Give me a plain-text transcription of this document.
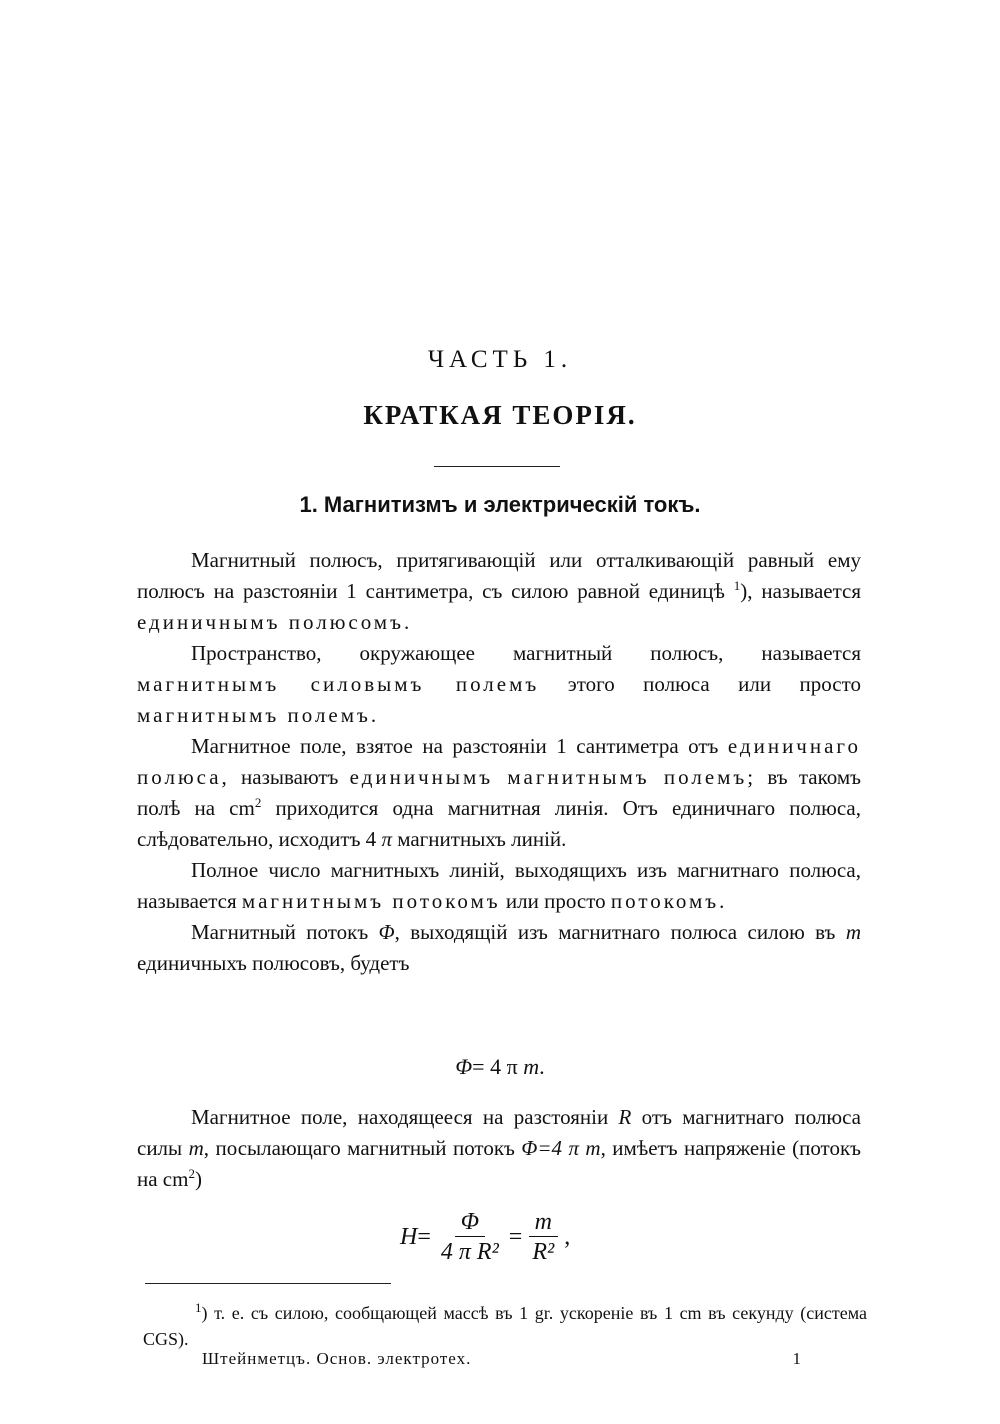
ЧАСТЬ 1.
КРАТКАЯ ТЕОРІЯ.
1. Магнитизмъ и электрическій токъ.

Магнитный полюсъ, притягивающій или отталкивающій равный ему полюсъ на разстояніи 1 сантиметра, съ силою равной единицѣ $^1$), называется единичнымъ полюсомъ.

Пространство, окружающее магнитный полюсъ, называется магнитнымъ силовымъ полемъ этого полюса или просто магнитнымъ полемъ.

Магнитное поле, взятое на разстояніи 1 сантиметра отъ единичнаго полюса, называютъ единичнымъ магнитнымъ полемъ; въ такомъ полѣ на $cm^2$ приходится одна магнитная линія. Отъ единичнаго полюса, слѣдовательно, исходитъ 4 π магнитныхъ линій.

Полное число магнитныхъ линій, выходящихъ изъ магнитнаго полюса, называется магнитнымъ потокомъ или просто потокомъ.

Магнитный потокъ Φ, выходящій изъ магнитнаго полюса силою въ m единичныхъ полюсовъ, будетъ

Φ= 4 π m.

Магнитное поле, находящееся на разстояніи R отъ магнитнаго полюса силы m, посылающаго магнитный потокъ Φ=4 π m, имѣетъ напряженіе (потокъ на $cm^2$)

$H = \frac{\Phi}{\text{4 π R²}} = \frac{m}{\text{R²}}$ ,

$^1$) т. е. съ силою, сообщающей массѣ въ 1 gr. ускореніе въ 1 cm въ секунду (система CGS).

Штейнметцъ. Основ. электротех.	1
